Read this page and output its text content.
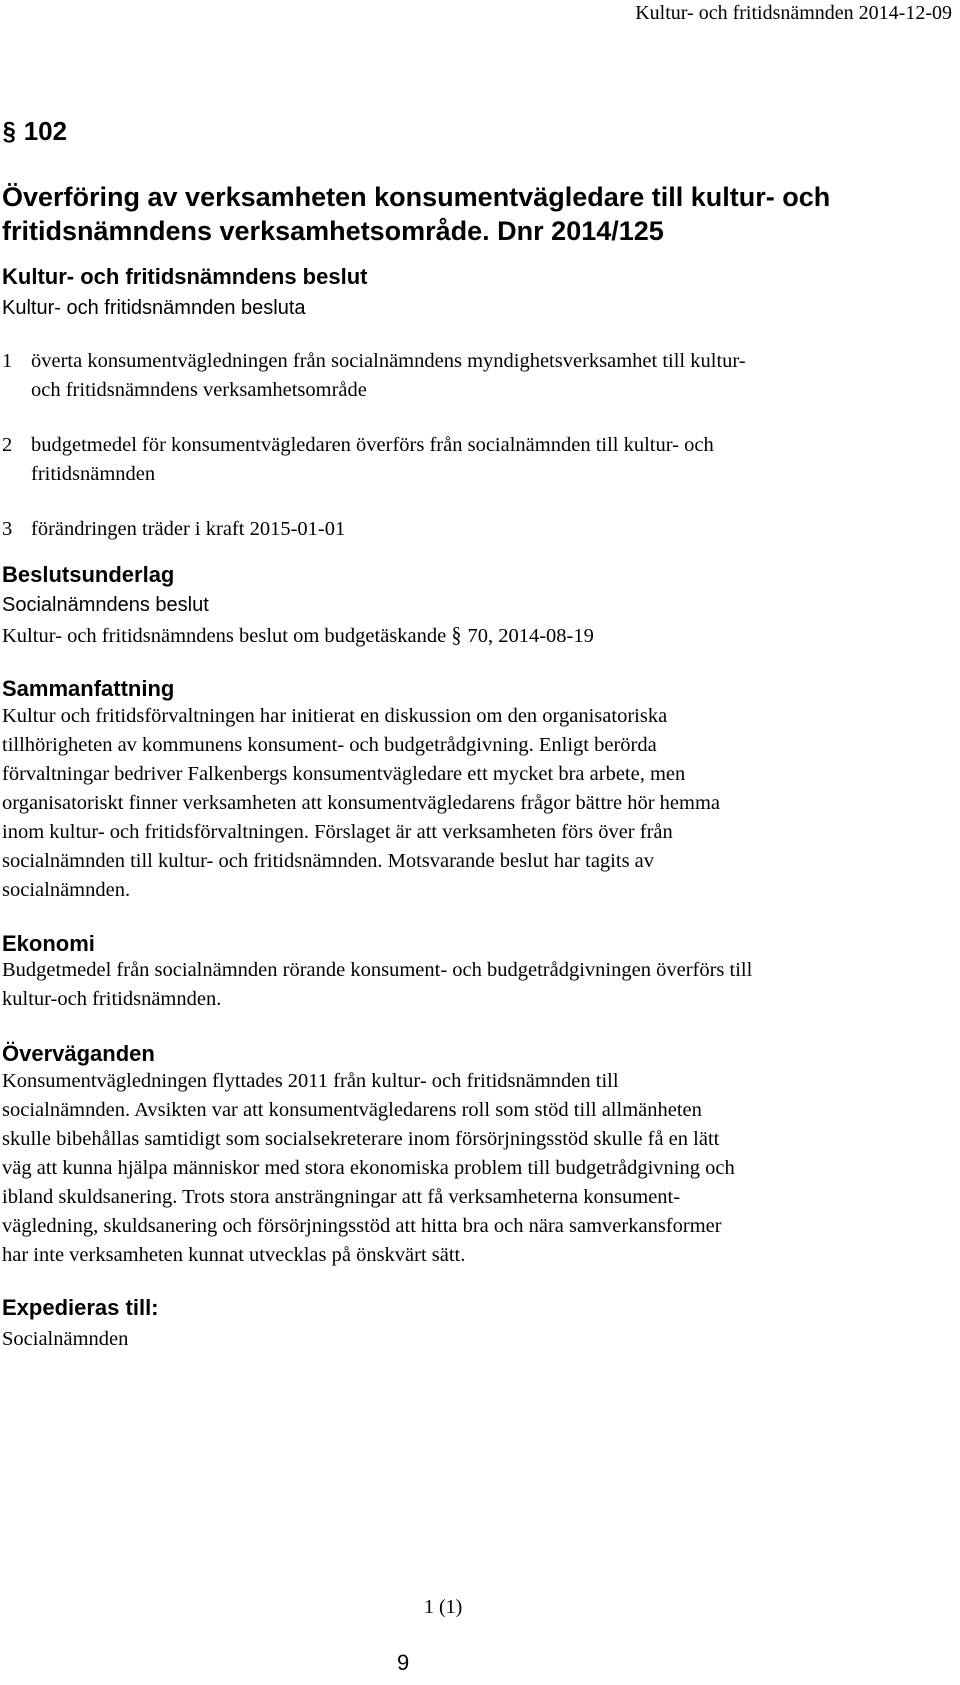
Kultur- och fritidsnämnden 2014-12-09
§ 102
Överföring av verksamheten konsumentvägledare till kultur- och
fritidsnämndens verksamhetsområde. Dnr 2014/125
Kultur- och fritidsnämndens beslut
Kultur- och fritidsnämnden besluta
1 överta konsumentvägledningen från socialnämndens myndighetsverksamhet till kultur-
och fritidsnämndens verksamhetsområde
2 budgetmedel för konsumentvägledaren överförs från socialnämnden till kultur- och
fritidsnämnden
3 förändringen träder i kraft 2015-01-01
Beslutsunderlag
Socialnämndens beslut
Kultur- och fritidsnämndens beslut om budgetäskande § 70, 2014-08-19
Sammanfattning
Kultur och fritidsförvaltningen har initierat en diskussion om den organisatoriska
tillhörigheten av kommunens konsument- och budgetrådgivning. Enligt berörda
förvaltningar bedriver Falkenbergs konsumentvägledare ett mycket bra arbete, men
organisatoriskt finner verksamheten att konsumentvägledarens frågor bättre hör hemma
inom kultur- och fritidsförvaltningen. Förslaget är att verksamheten förs över från
socialnämnden till kultur- och fritidsnämnden. Motsvarande beslut har tagits av
socialnämnden.
Ekonomi
Budgetmedel från socialnämnden rörande konsument- och budgetrådgivningen överförs till
kultur-och fritidsnämnden.
Överväganden
Konsumentvägledningen flyttades 2011 från kultur- och fritidsnämnden till
socialnämnden. Avsikten var att konsumentvägledarens roll som stöd till allmänheten
skulle bibehållas samtidigt som socialsekreterare inom försörjningsstöd skulle få en lätt
väg att kunna hjälpa människor med stora ekonomiska problem till budgetrådgivning och
ibland skuldsanering. Trots stora ansträngningar att få verksamheterna konsument-
vägledning, skuldsanering och försörjningsstöd att hitta bra och nära samverkansformer
har inte verksamheten kunnat utvecklas på önskvärt sätt.
Expedieras till:
Socialnämnden
1 (1)
9
